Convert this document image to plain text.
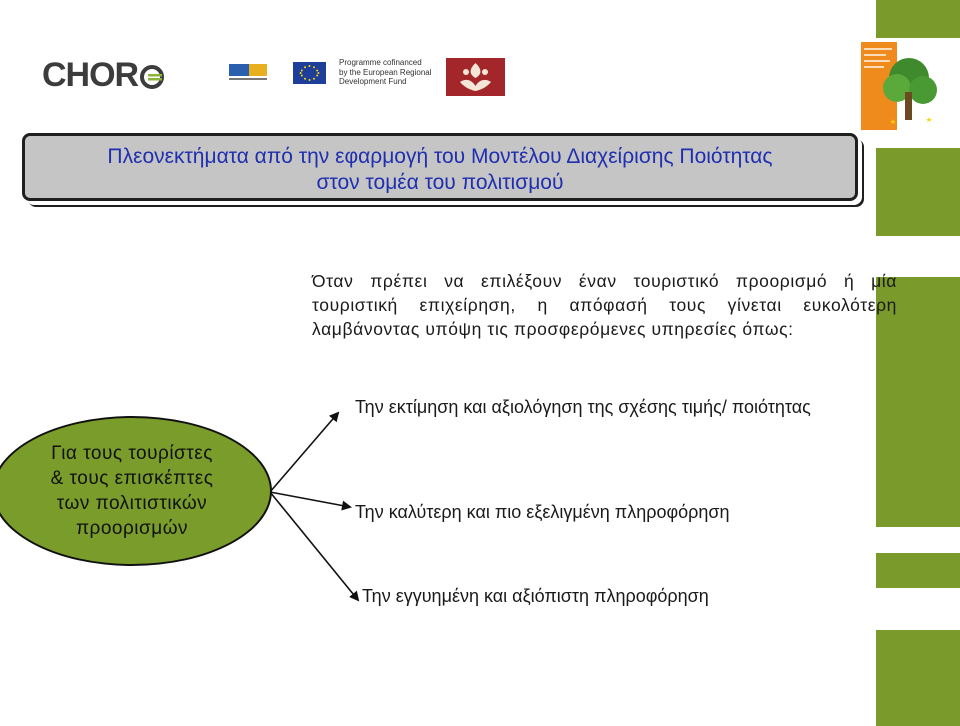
CHOR	Programme cofinanced
by the European Regional
Development Fund
Πλεονεκτήματα από την εφαρμογή του Μοντέλου Διαχείρισης Ποιότητας
στον τομέα του πολιτισμού
Όταν πρέπει να επιλέξουν έναν τουριστικό προορισμό ή μία τουριστική επιχείρηση, η απόφασή τους γίνεται ευκολότερη λαμβάνοντας υπόψη τις προσφερόμενες υπηρεσίες όπως:
Για τους τουρίστες
& τους επισκέπτες
των πολιτιστικών
προορισμών
Την εκτίμηση και αξιολόγηση της σχέσης τιμής/ ποιότητας
Την καλύτερη και πιο εξελιγμένη πληροφόρηση
Την εγγυημένη και αξιόπιστη πληροφόρηση
